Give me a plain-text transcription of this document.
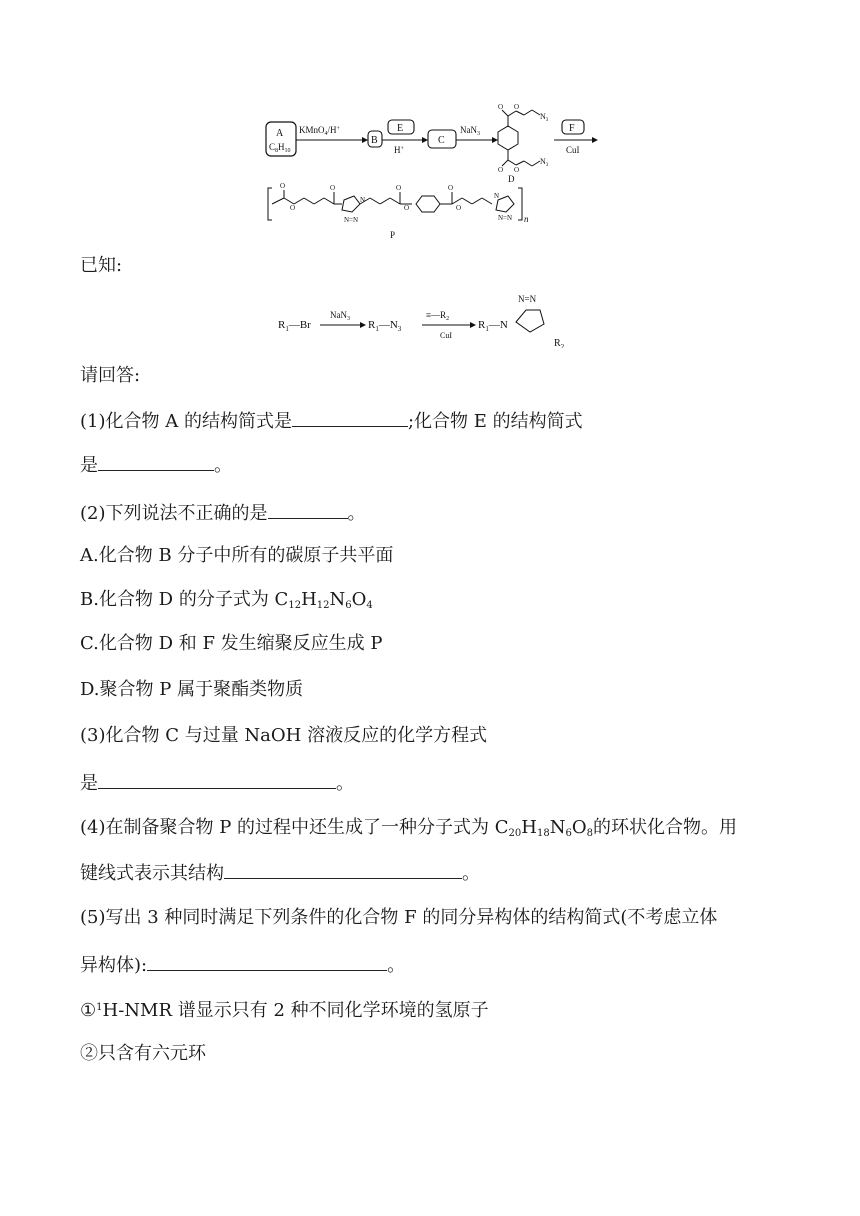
A
$C_8H_{10}$
KMnO$_4$/H+
B
E
H+
C
NaN$_3$
O O
$N_3$
O O
$N_3$
D
F
CuI
O
O
O
N=N
N
O
O
O
O
N
N=N n
P
已知:
$R_1—Br$
NaN$_3$ $R_1—N_3$
$\equiv—R_2$
CuI
$R_1—N$
N=N
$R_2$
请回答:
(1)化合物 A 的结构简式是	;化合物 E 的结构简式
是	。
(2)下列说法不正确的是	。
A.化合物 B 分子中所有的碳原子共平面
B.化合物 D 的分子式为 $C_{12}H_{12}N_6O_4$
C.化合物 D 和 F 发生缩聚反应生成 P
D.聚合物 P 属于聚酯类物质
(3)化合物 C 与过量 NaOH 溶液反应的化学方程式
是	。
(4)在制备聚合物 P 的过程中还生成了一种分子式为 $C_{20}H_{18}N_6O_8$的环状化合物。用
键线式表示其结构	。
(5)写出 3 种同时满足下列条件的化合物 F 的同分异构体的结构简式(不考虑立体
异构体):	。
①$^1$H-NMR 谱显示只有 2 种不同化学环境的氢原子
②只含有六元环
